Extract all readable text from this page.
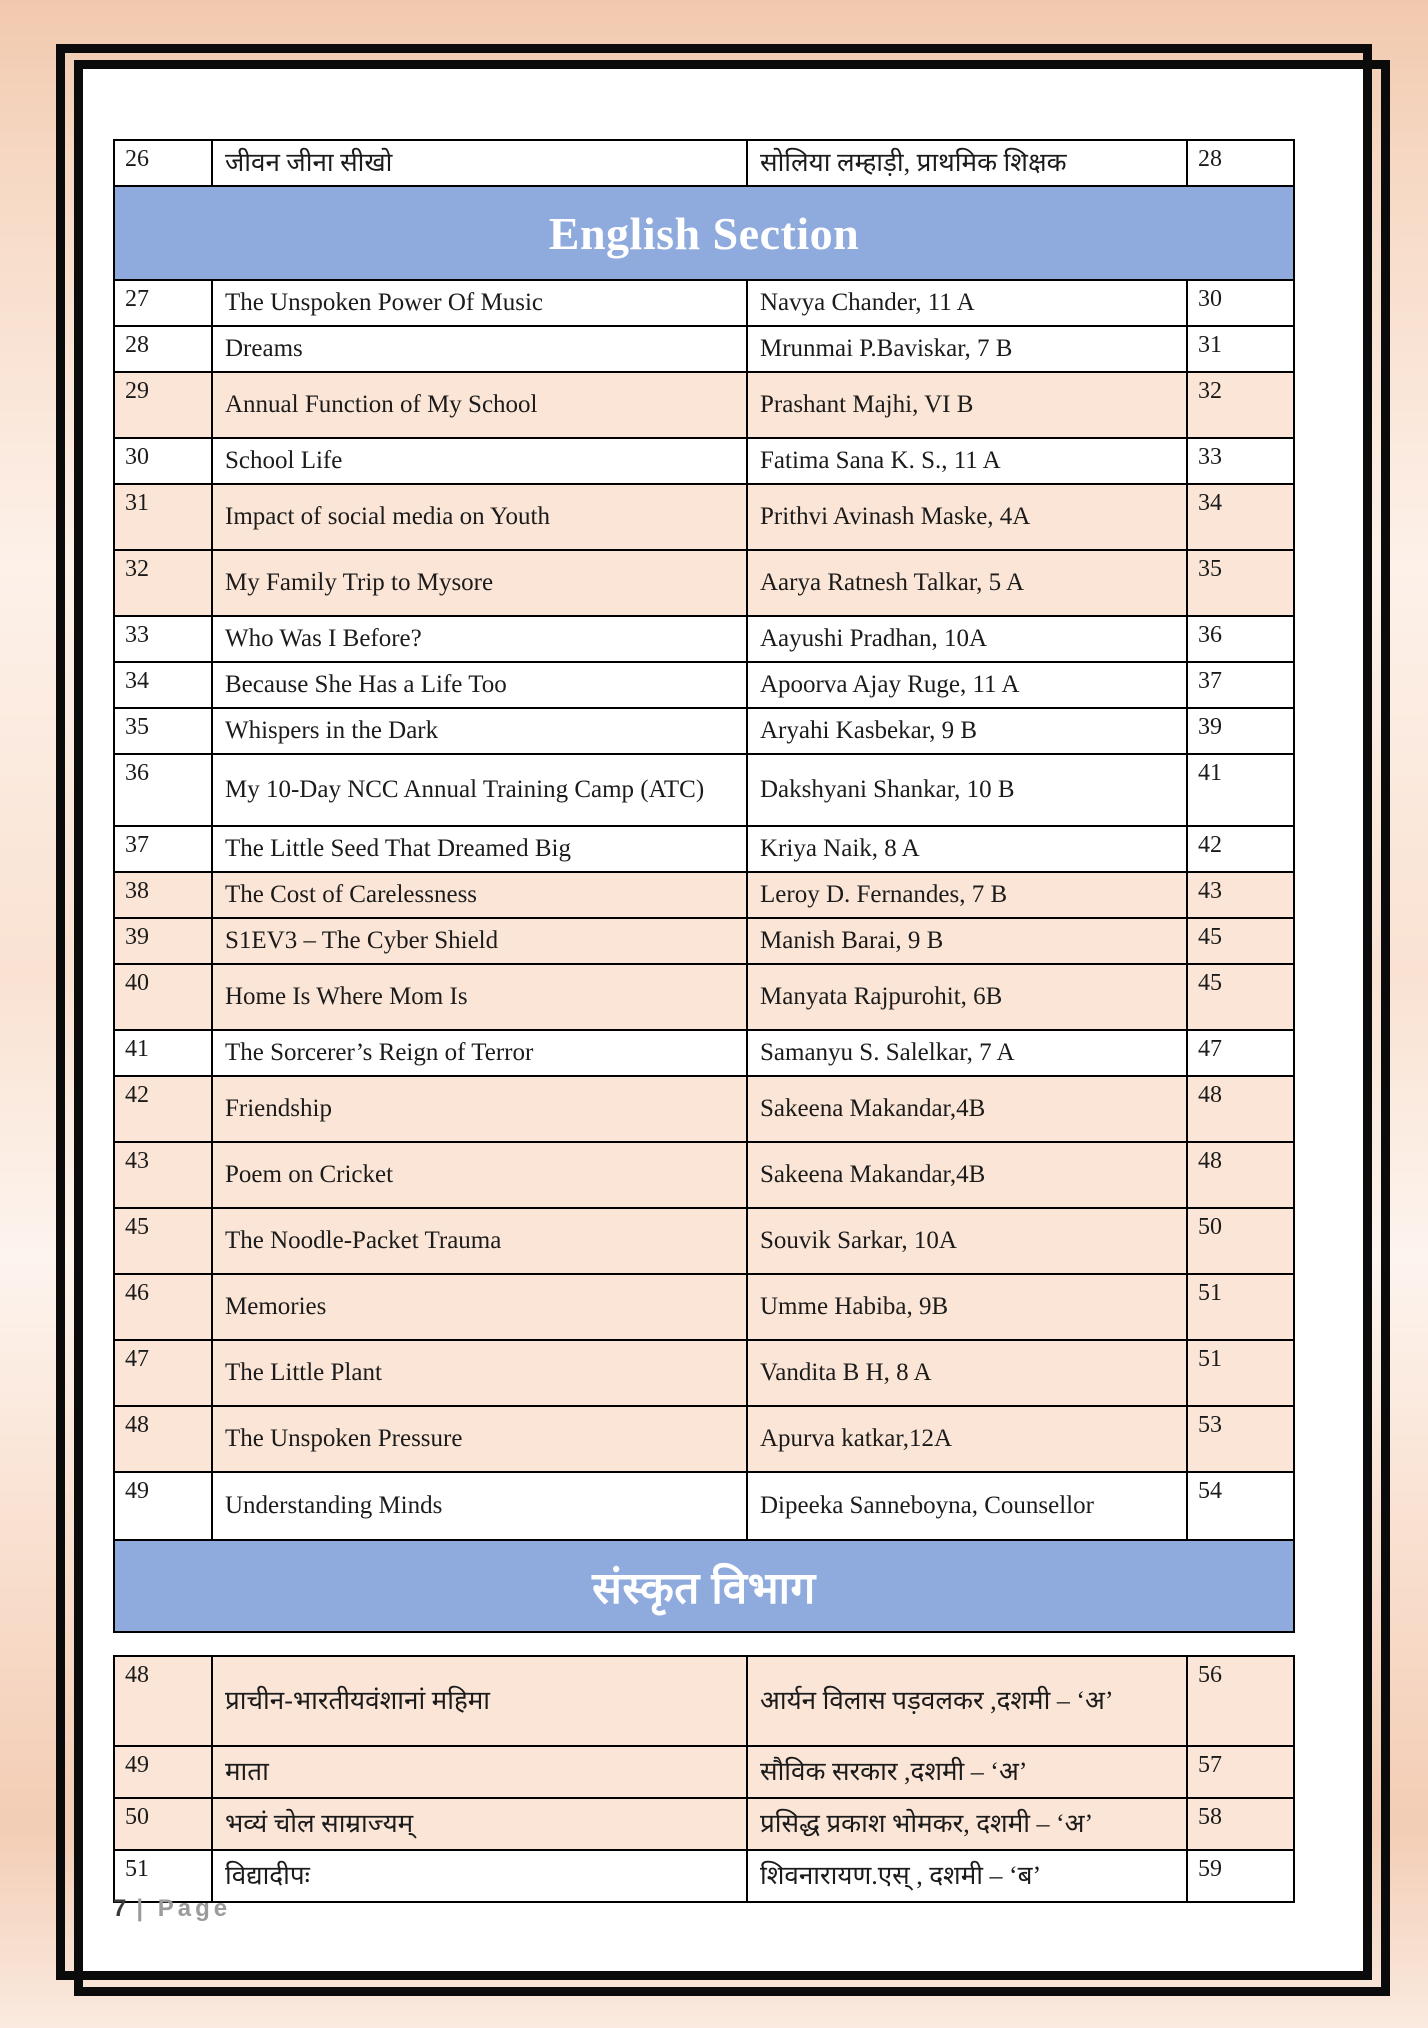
26	जीवन जीना सीखो	सोलिया लम्हाड़ी, प्राथमिक शिक्षक	28
English Section			
27	The Unspoken Power Of Music	Navya Chander, 11 A	30
28	Dreams	Mrunmai P.Baviskar, 7 B	31
29	Annual Function of My School	Prashant Majhi, VI B	32
30	School Life	Fatima Sana K. S., 11 A	33
31	Impact of social media on Youth	Prithvi Avinash Maske, 4A	34
32	My Family Trip to Mysore	Aarya Ratnesh Talkar, 5 A	35
33	Who Was I Before?	Aayushi Pradhan, 10A	36
34	Because She Has a Life Too	Apoorva Ajay Ruge, 11 A	37
35	Whispers in the Dark	Aryahi Kasbekar, 9 B	39
36	My 10-Day NCC Annual Training Camp (ATC)	Dakshyani Shankar, 10 B	41
37	The Little Seed That Dreamed Big	Kriya Naik, 8 A	42
38	The Cost of Carelessness	Leroy D. Fernandes, 7 B	43
39	S1EV3 – The Cyber Shield	Manish Barai, 9 B	45
40	Home Is Where Mom Is	Manyata Rajpurohit, 6B	45
41	The Sorcerer’s Reign of Terror	Samanyu S. Salelkar, 7 A	47
42	Friendship	Sakeena Makandar,4B	48
43	Poem on Cricket	Sakeena Makandar,4B	48
45	The Noodle-Packet Trauma	Souvik Sarkar, 10A	50
46	Memories	Umme Habiba, 9B	51
47	The Little Plant	Vandita B H, 8 A	51
48	The Unspoken Pressure	Apurva katkar,12A	53
49	Understanding Minds	Dipeeka Sanneboyna, Counsellor	54
संस्कृत विभाग			
48	प्राचीन-भारतीयवंशानां महिमा	आर्यन विलास पड़वलकर ,दशमी – ‘अ’	56
49	माता	सौविक सरकार ,दशमी – ‘अ’	57
50	भव्यं चोल साम्राज्यम्	प्रसिद्ध प्रकाश भोमकर, दशमी – ‘अ’	58
51	विद्यादीपः	शिवनारायण.एस् , दशमी – ‘ब’	59
7 | Page
